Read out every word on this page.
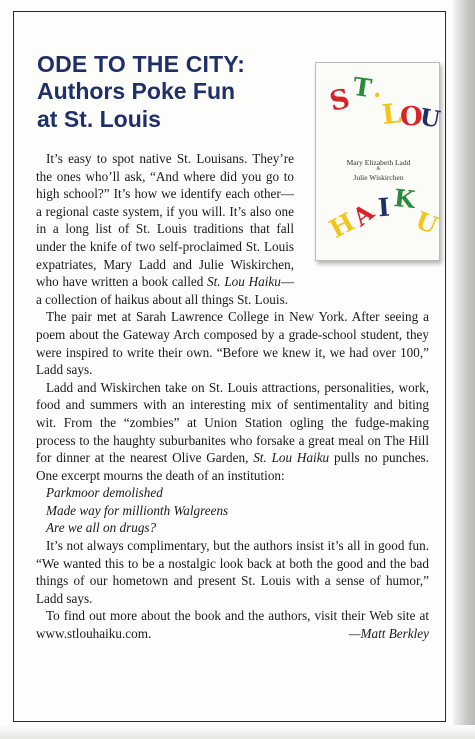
ODE TO THE CITY:
Authors Poke Fun
at St. Louis
S
T .
L
O
U
Mary Elizabeth Ladd
&
Julie Wiskirchen
H
A
I K
U

It’s easy to spot native St. Louisans. They’re the ones who’ll ask, “And where did you go to high school?” It’s how we identify each other—a regional caste system, if you will. It’s also one in a long list of St. Louis traditions that fall under the knife of two self-proclaimed St. Louis expatriates, Mary Ladd and Julie Wiskirchen, who have written a book called St. Lou Haiku—a collection of haikus about all things St. Louis.

The pair met at Sarah Lawrence College in New York. After seeing a poem about the Gateway Arch composed by a grade-school student, they were inspired to write their own. “Before we knew it, we had over 100,” Ladd says.

Ladd and Wiskirchen take on St. Louis attractions, personalities, work, food and summers with an interesting mix of sentimentality and biting wit. From the “zombies” at Union Station ogling the fudge-making process to the haughty suburbanites who forsake a great meal on The Hill for dinner at the nearest Olive Garden, St. Lou Haiku pulls no punches. One excerpt mourns the death of an institution:

Parkmoor demolished
Made way for millionth Walgreens
Are we all on drugs?

It’s not always complimentary, but the authors insist it’s all in good fun. “We wanted this to be a nostalgic look back at both the good and the bad things of our hometown and present St. Louis with a sense of humor,” Ladd says.

To find out more about the book and the authors, visit their Web site at www.stlouhaiku.com.	—Matt Berkley
